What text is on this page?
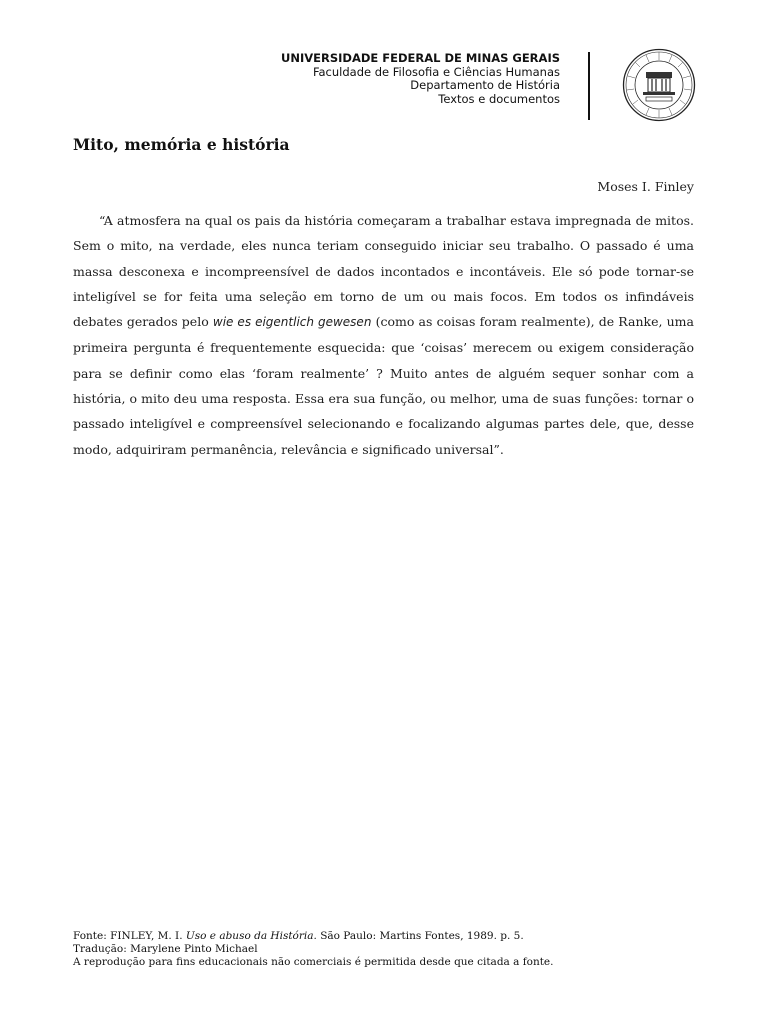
UNIVERSIDADE FEDERAL DE MINAS GERAIS
Faculdade de Filosofia e Ciências Humanas
Departamento de História
Textos e documentos
Mito, memória e história
Moses I. Finley
“A atmosfera na qual os pais da história começaram a trabalhar estava impregnada de mitos. Sem o mito, na verdade, eles nunca teriam conseguido iniciar seu trabalho. O passado é uma massa desconexa e incompreensível de dados incontados e incontáveis. Ele só pode tornar-se inteligível se for feita uma seleção em torno de um ou mais focos. Em todos os infindáveis debates gerados pelo wie es eigentlich gewesen (como as coisas foram realmente), de Ranke, uma primeira pergunta é frequentemente esquecida: que ‘coisas’ merecem ou exigem consideração para se definir como elas ‘foram realmente’ ? Muito antes de alguém sequer sonhar com a história, o mito deu uma resposta. Essa era sua função, ou melhor, uma de suas funções: tornar o passado inteligível e compreensível selecionando e focalizando algumas partes dele, que, desse modo, adquiriram permanência, relevância e significado universal”.
Fonte: FINLEY, M. I. Uso e abuso da História. São Paulo: Martins Fontes, 1989. p. 5.
Tradução: Marylene Pinto Michael
A reprodução para fins educacionais não comerciais é permitida desde que citada a fonte.
